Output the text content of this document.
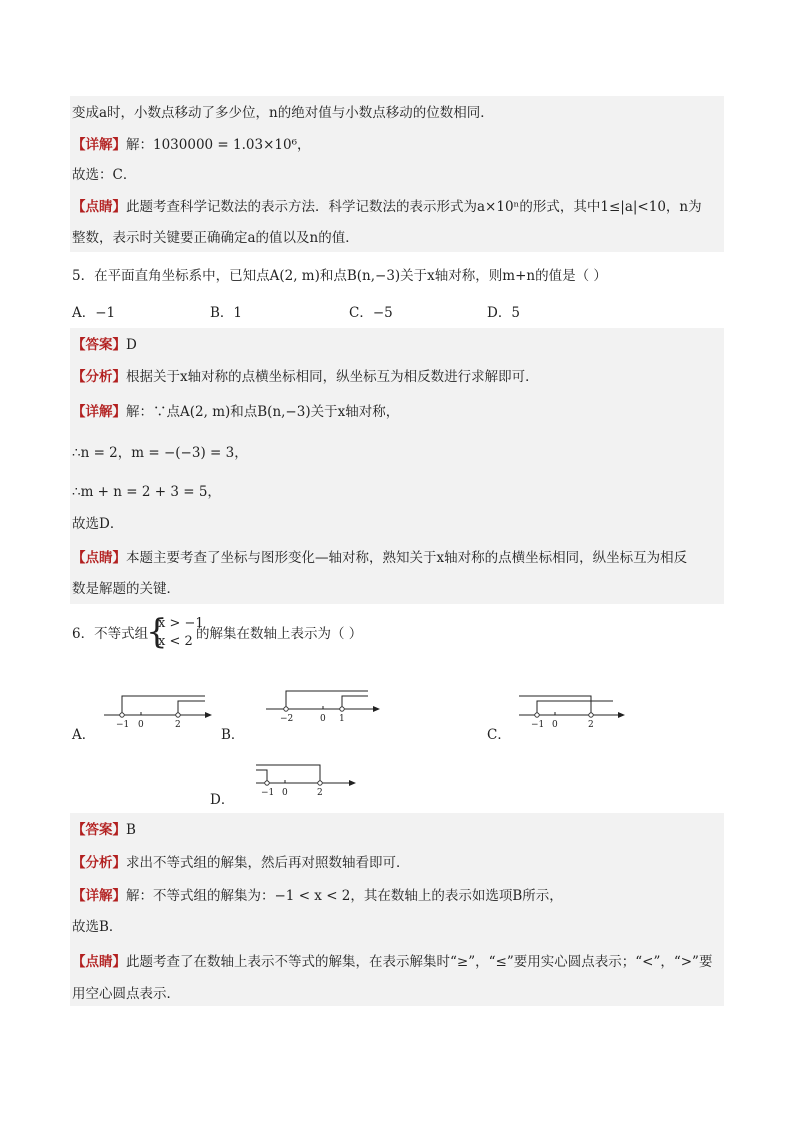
变成a时，小数点移动了多少位，n的绝对值与小数点移动的位数相同．
【详解】解：1030000 = 1.03×10⁶，
故选：C．
【点睛】此题考查科学记数法的表示方法．科学记数法的表示形式为a×10ⁿ的形式，其中1≤|a|<10，n为
整数，表示时关键要正确确定a的值以及n的值．
5．在平面直角坐标系中，已知点A(2, m)和点B(n,−3)关于x轴对称，则m+n的值是（ ）
A．−1	B．1	C．−5	D．5
【答案】D
【分析】根据关于x轴对称的点横坐标相同，纵坐标互为相反数进行求解即可．
【详解】解：∵点A(2, m)和点B(n,−3)关于x轴对称，
∴n = 2，m = −(−3) = 3，
∴m + n = 2 + 3 = 5，
故选D．
【点睛】本题主要考查了坐标与图形变化—轴对称，熟知关于x轴对称的点横坐标相同，纵坐标互为相反
数是解题的关键．
6．不等式组
{
x > −1
x < 2 的解集在数轴上表示为（ ）
A．
−1 0	2
B．
−2	0 1
C．
−1 0	2
D．	−1 0	2
【答案】B
【分析】求出不等式组的解集，然后再对照数轴看即可．
【详解】解：不等式组的解集为：−1 < x < 2，其在数轴上的表示如选项B所示，
故选B．
【点睛】此题考查了在数轴上表示不等式的解集，在表示解集时“≥”，“≤”要用实心圆点表示；“<”，“>”要
用空心圆点表示．
